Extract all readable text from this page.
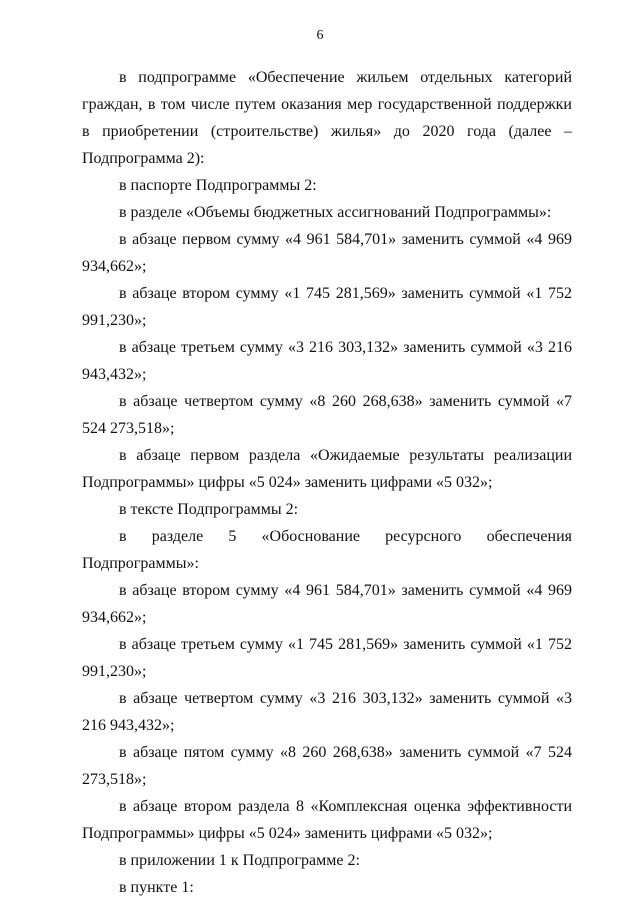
6

в подпрограмме «Обеспечение жильем отдельных категорий граждан, в том числе путем оказания мер государственной поддержки в приобретении (строительстве) жилья» до 2020 года (далее – Подпрограмма 2):

в паспорте Подпрограммы 2:

в разделе «Объемы бюджетных ассигнований Подпрограммы»:

в абзаце первом сумму «4 961 584,701» заменить суммой «4 969 934,662»;

в абзаце втором сумму «1 745 281,569» заменить суммой «1 752 991,230»;

в абзаце третьем сумму «3 216 303,132» заменить суммой «3 216 943,432»;

в абзаце четвертом сумму «8 260 268,638» заменить суммой «7 524 273,518»;

в абзаце первом раздела «Ожидаемые результаты реализации Подпрограммы» цифры «5 024» заменить цифрами «5 032»;

в тексте Подпрограммы 2:

в разделе 5 «Обоснование ресурсного обеспечения Подпрограммы»:

в абзаце втором сумму «4 961 584,701» заменить суммой «4 969 934,662»;

в абзаце третьем сумму «1 745 281,569» заменить суммой «1 752 991,230»;

в абзаце четвертом сумму «3 216 303,132» заменить суммой «3 216 943,432»;

в абзаце пятом сумму «8 260 268,638» заменить суммой «7 524 273,518»;

в абзаце втором раздела 8 «Комплексная оценка эффективности Подпрограммы» цифры «5 024» заменить цифрами «5 032»;

в приложении 1 к Подпрограмме 2:

в пункте 1:
